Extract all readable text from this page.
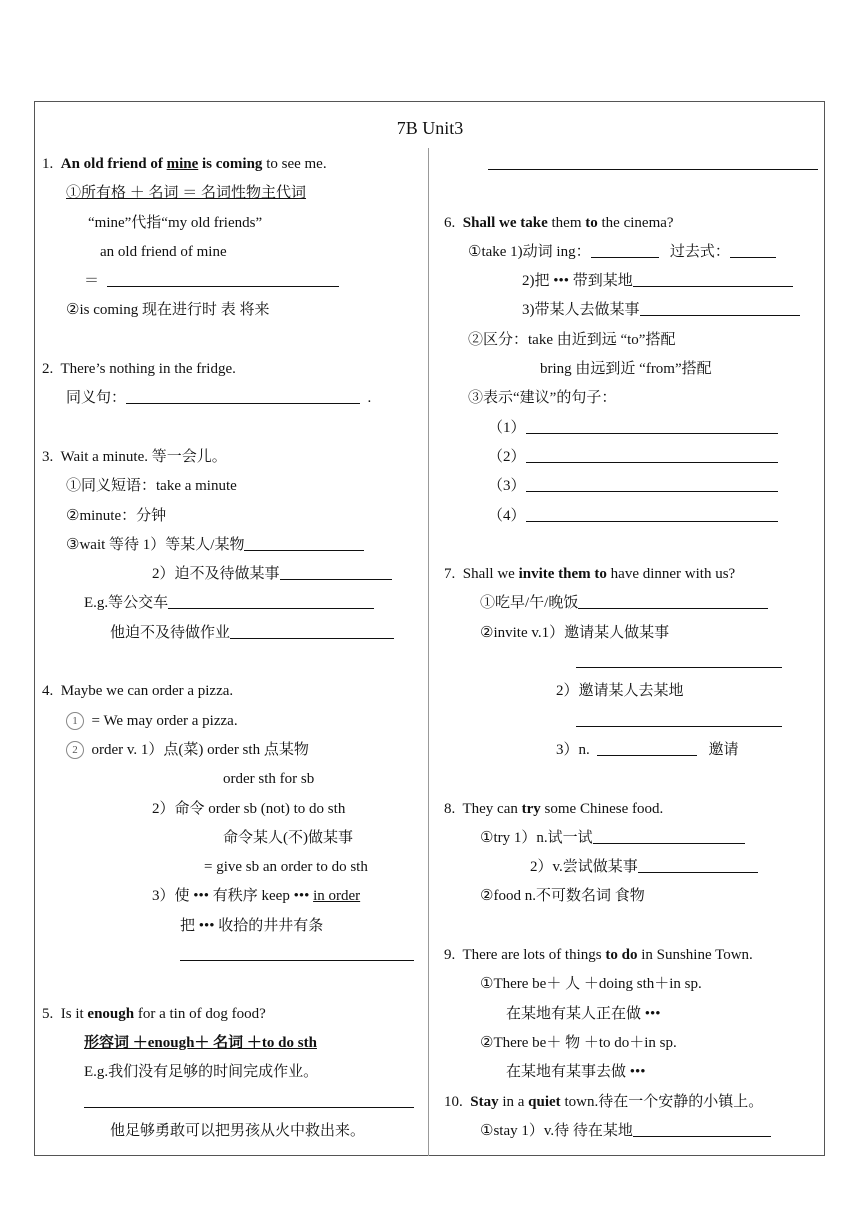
7B Unit3
1. An old friend of mine is coming to see me.
①所有格 ＋ 名词 ＝ 名词性物主代词
“mine”代指“my old friends”
an old friend of mine
＝
②is coming 现在进行时 表 将来
2. There’s nothing in the fridge.
同义句：	.
3. Wait a minute. 等一会儿。
①同义短语：take a minute
②minute：分钟
③wait 等待 1）等某人/某物
2）迫不及待做某事
E.g.等公交车
他迫不及待做作业
4. Maybe we can order a pizza.
1 = We may order a pizza.
2 order v. 1）点(菜) order sth 点某物
order sth for sb
2）命令 order sb (not) to do sth
命令某人(不)做某事
= give sb an order to do sth
3）使 ••• 有秩序 keep ••• in order
把 ••• 收拾的井井有条
5. Is it enough for a tin of dog food?
形容词 ＋enough＋ 名词 ＋to do sth
E.g.我们没有足够的时间完成作业。
他足够勇敢可以把男孩从火中救出来。
6. Shall we take them to the cinema?
①take 1)动词 ing：	过去式：
2)把 ••• 带到某地
3)带某人去做某事
②区分：take 由近到远 “to”搭配
bring 由远到近 “from”搭配
③表示“建议”的句子：
（1）
（2）
（3）
（4）
7. Shall we invite them to have dinner with us?
①吃早/午/晚饭
②invite v.1）邀请某人做某事
2）邀请某人去某地
3）n.	邀请
8. They can try some Chinese food.
①try 1）n.试一试
2）v.尝试做某事
②food n.不可数名词 食物
9. There are lots of things to do in Sunshine Town.
①There be＋ 人 ＋doing sth＋in sp.
在某地有某人正在做 •••
②There be＋ 物 ＋to do＋in sp.
在某地有某事去做 •••
10. Stay in a quiet town.待在一个安静的小镇上。
①stay 1）v.待 待在某地
